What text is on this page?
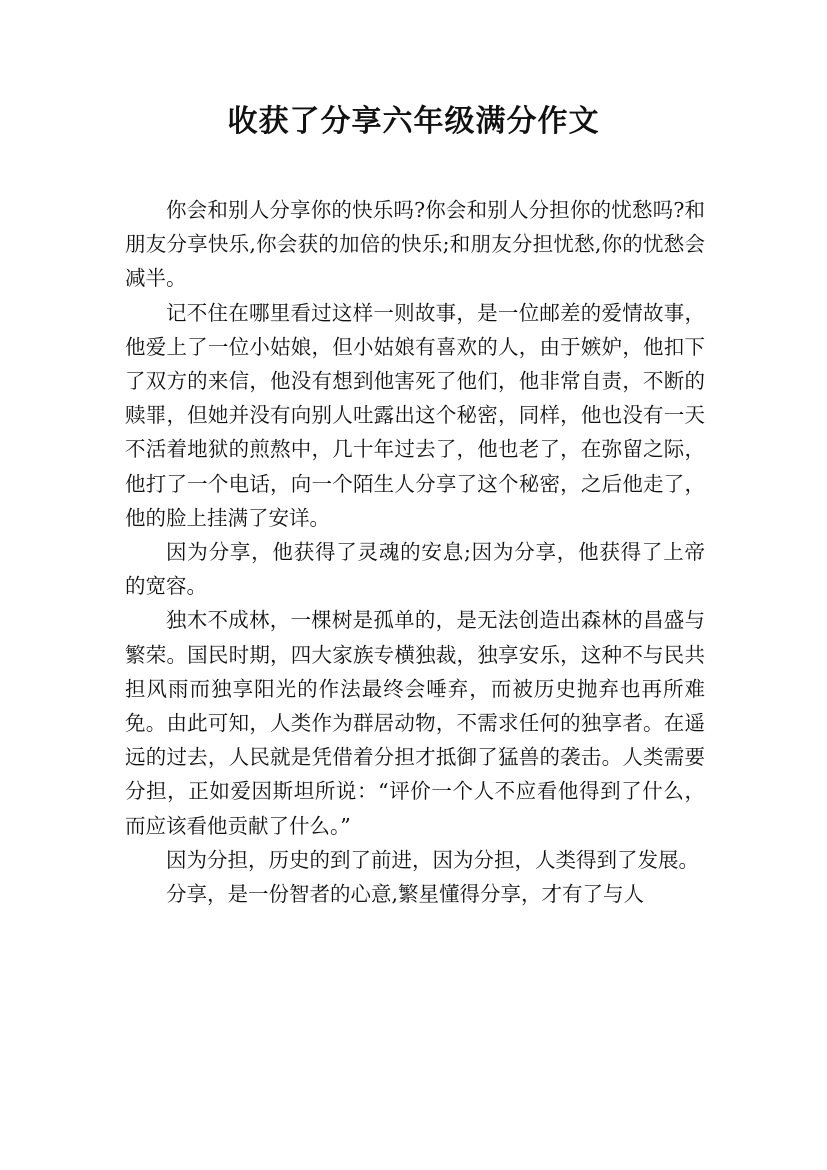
收获了分享六年级满分作文

你会和别人分享你的快乐吗?你会和别人分担你的忧愁吗?和朋友分享快乐,你会获的加倍的快乐;和朋友分担忧愁,你的忧愁会减半。

记不住在哪里看过这样一则故事，是一位邮差的爱情故事，他爱上了一位小姑娘，但小姑娘有喜欢的人，由于嫉妒，他扣下了双方的来信，他没有想到他害死了他们，他非常自责，不断的赎罪，但她并没有向别人吐露出这个秘密，同样，他也没有一天不活着地狱的煎熬中，几十年过去了，他也老了，在弥留之际，他打了一个电话，向一个陌生人分享了这个秘密，之后他走了，他的脸上挂满了安详。

因为分享，他获得了灵魂的安息;因为分享，他获得了上帝的宽容。

独木不成林，一棵树是孤单的，是无法创造出森林的昌盛与繁荣。国民时期，四大家族专横独裁，独享安乐，这种不与民共担风雨而独享阳光的作法最终会唾弃，而被历史抛弃也再所难免。由此可知，人类作为群居动物，不需求任何的独享者。在遥远的过去，人民就是凭借着分担才抵御了猛兽的袭击。人类需要分担，正如爱因斯坦所说：“评价一个人不应看他得到了什么，而应该看他贡献了什么。”

因为分担，历史的到了前进，因为分担，人类得到了发展。

分享，是一份智者的心意,繁星懂得分享，才有了与人
